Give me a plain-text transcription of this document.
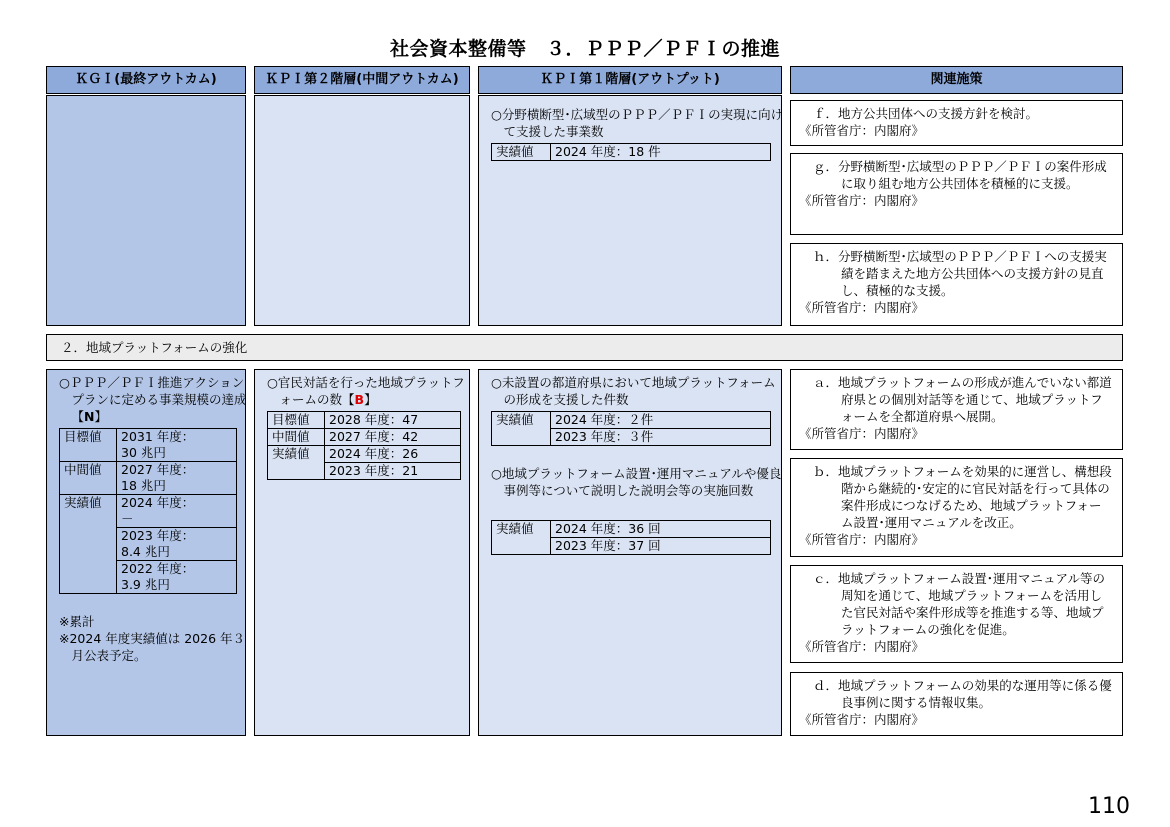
社会資本整備等　３．ＰＰＰ／ＰＦＩの推進
ＫＧＩ(最終アウトカム)	ＫＰＩ第２階層(中間アウトカム)	ＫＰＩ第１階層(アウトプット)	関連施策
○分野横断型･広域型のＰＰＰ／ＰＦＩの実現に向けて支援した事業数
実績値	2024 年度：18 件
ｆ．地方公共団体への支援方針を検討。
《所管省庁：内閣府》
ｇ．分野横断型･広域型のＰＰＰ／ＰＦＩの案件形成に取り組む地方公共団体を積極的に支援。
《所管省庁：内閣府》
ｈ．分野横断型･広域型のＰＰＰ／ＰＦＩへの支援実績を踏まえた地方公共団体への支援方針の見直し、積極的な支援。
《所管省庁：内閣府》
２．地域プラットフォームの強化
○ＰＰＰ／ＰＦＩ推進アクションプランに定める事業規模の達成【N】
目標値	2031 年度：
30 兆円
中間値	2027 年度：
18 兆円
実績値	2024 年度：
－
	2023 年度：
8.4 兆円
	2022 年度：
3.9 兆円
※累計
※2024 年度実績値は 2026 年３月公表予定。
○官民対話を行った地域プラットフォームの数【B】
目標値	2028 年度：47
中間値	2027 年度：42
実績値	2024 年度：26
	2023 年度：21
○未設置の都道府県において地域プラットフォームの形成を支援した件数
実績値	2024 年度：２件
2023 年度：３件
○地域プラットフォーム設置･運用マニュアルや優良事例等について説明した説明会等の実施回数
実績値	2024 年度：36 回
2023 年度：37 回
ａ．地域プラットフォームの形成が進んでいない都道府県との個別対話等を通じて、地域プラットフォームを全都道府県へ展開。
《所管省庁：内閣府》
ｂ．地域プラットフォームを効果的に運営し、構想段階から継続的･安定的に官民対話を行って具体の案件形成につなげるため、地域プラットフォーム設置･運用マニュアルを改正。
《所管省庁：内閣府》
ｃ．地域プラットフォーム設置･運用マニュアル等の周知を通じて、地域プラットフォームを活用した官民対話や案件形成等を推進する等、地域プラットフォームの強化を促進。
《所管省庁：内閣府》
ｄ．地域プラットフォームの効果的な運用等に係る優良事例に関する情報収集。
《所管省庁：内閣府》
110
